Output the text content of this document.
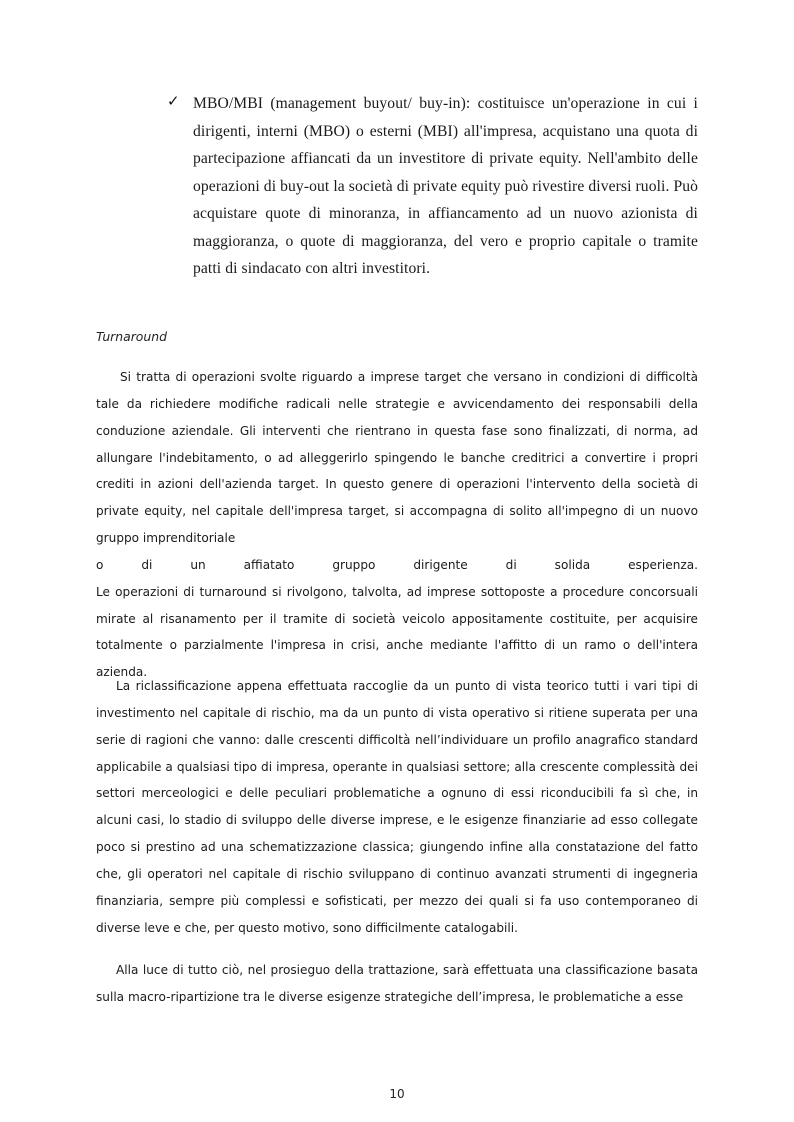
✓ MBO/MBI (management buyout/ buy-in): costituisce un'operazione in cui i dirigenti, interni (MBO) o esterni (MBI) all'impresa, acquistano una quota di partecipazione affiancati da un investitore di private equity. Nell'ambito delle operazioni di buy-out la società di private equity può rivestire diversi ruoli. Può acquistare quote di minoranza, in affiancamento ad un nuovo azionista di maggioranza, o quote di maggioranza, del vero e proprio capitale o tramite patti di sindacato con altri investitori.
Turnaround
Si tratta di operazioni svolte riguardo a imprese target che versano in condizioni di difficoltà tale da richiedere modifiche radicali nelle strategie e avvicendamento dei responsabili della conduzione aziendale. Gli interventi che rientrano in questa fase sono finalizzati, di norma, ad allungare l'indebitamento, o ad alleggerirlo spingendo le banche creditrici a convertire i propri crediti in azioni dell'azienda target. In questo genere di operazioni l'intervento della società di private equity, nel capitale dell'impresa target, si accompagna di solito all'impegno di un nuovo gruppo imprenditoriale
o di un affiatato gruppo dirigente di solida esperienza.
Le operazioni di turnaround si rivolgono, talvolta, ad imprese sottoposte a procedure concorsuali mirate al risanamento per il tramite di società veicolo appositamente costituite, per acquisire totalmente o parzialmente l'impresa in crisi, anche mediante l'affitto di un ramo o dell'intera azienda.

La riclassificazione appena effettuata raccoglie da un punto di vista teorico tutti i vari tipi di investimento nel capitale di rischio, ma da un punto di vista operativo si ritiene superata per una serie di ragioni che vanno: dalle crescenti difficoltà nell’individuare un profilo anagrafico standard applicabile a qualsiasi tipo di impresa, operante in qualsiasi settore; alla crescente complessità dei settori merceologici e delle peculiari problematiche a ognuno di essi riconducibili fa sì che, in alcuni casi, lo stadio di sviluppo delle diverse imprese, e le esigenze finanziarie ad esso collegate poco si prestino ad una schematizzazione classica; giungendo infine alla constatazione del fatto che, gli operatori nel capitale di rischio sviluppano di continuo avanzati strumenti di ingegneria finanziaria, sempre più complessi e sofisticati, per mezzo dei quali si fa uso contemporaneo di diverse leve e che, per questo motivo, sono difficilmente catalogabili.

Alla luce di tutto ciò, nel prosieguo della trattazione, sarà effettuata una classificazione basata sulla macro-ripartizione tra le diverse esigenze strategiche dell’impresa, le problematiche a esse

10
